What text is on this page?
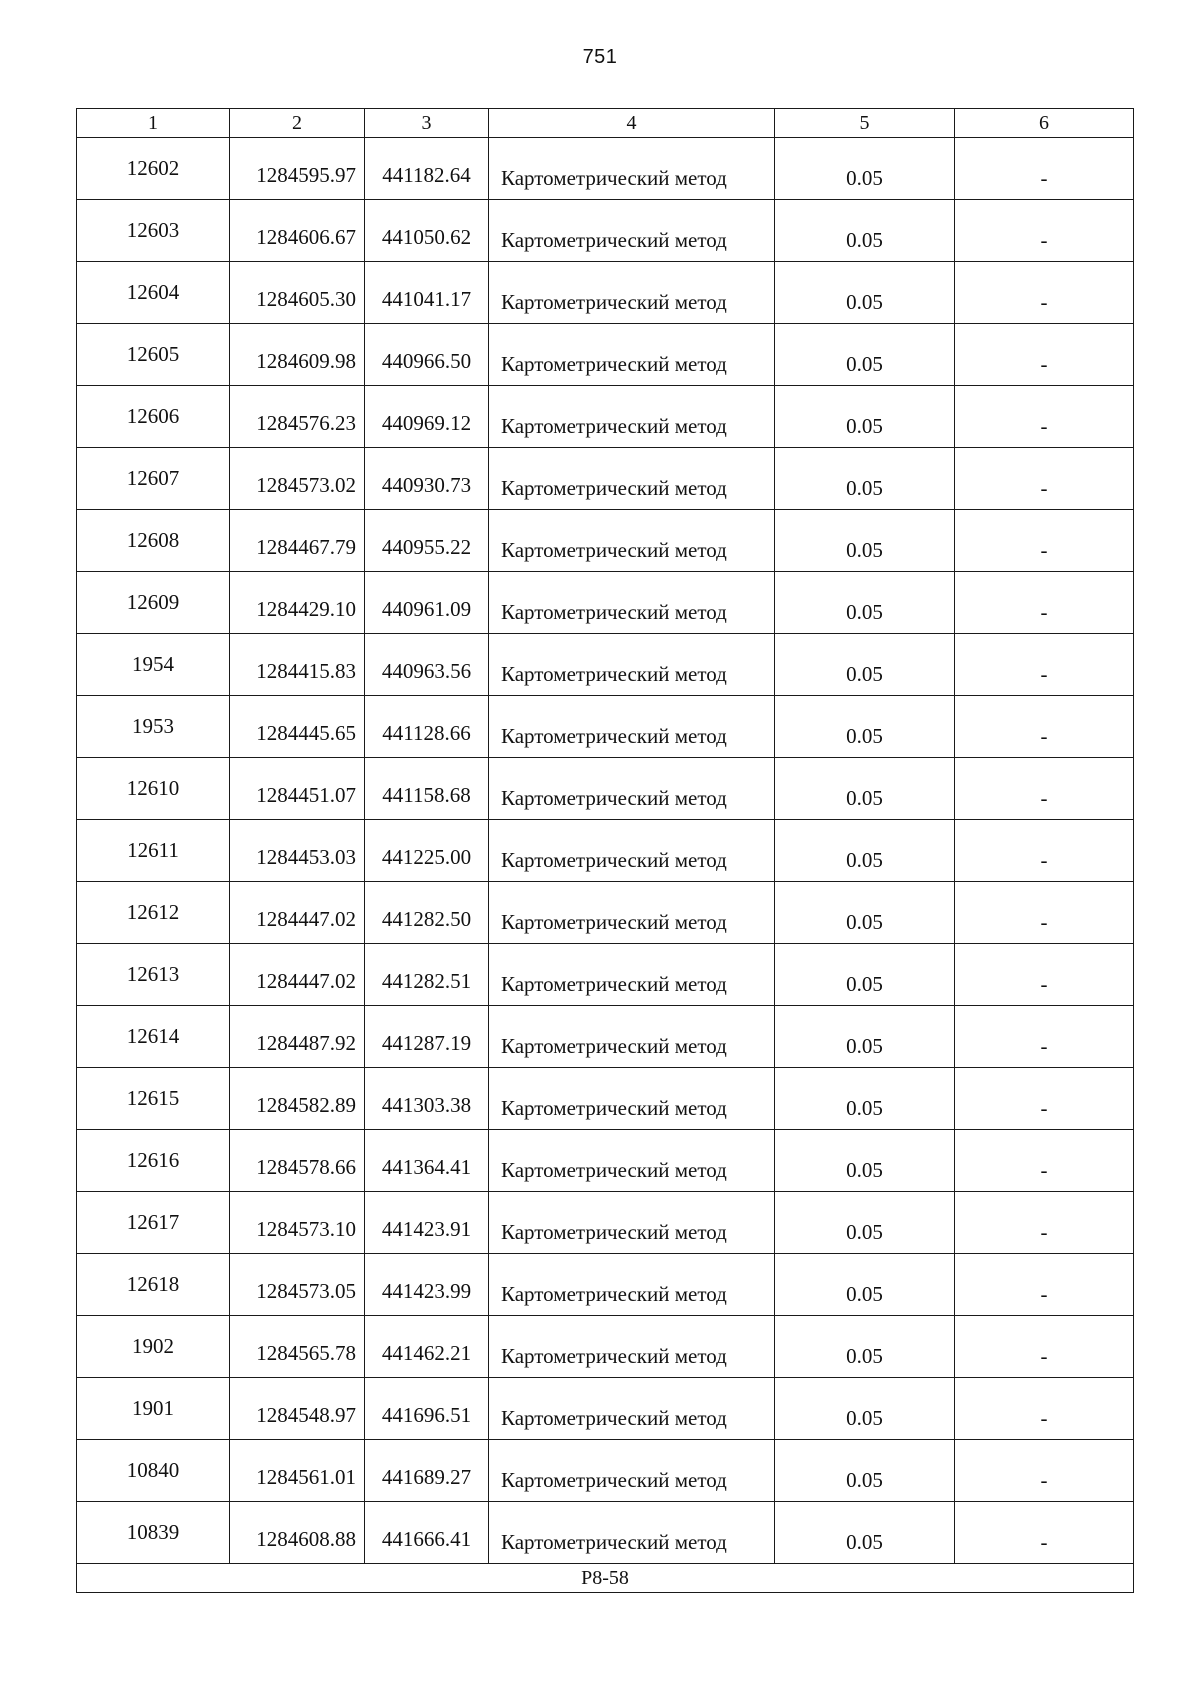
751
1	2	3	4	5	6
12602	1284595.97	441182.64	Картометрический метод	0.05	-
12603	1284606.67	441050.62	Картометрический метод	0.05	-
12604	1284605.30	441041.17	Картометрический метод	0.05	-
12605	1284609.98	440966.50	Картометрический метод	0.05	-
12606	1284576.23	440969.12	Картометрический метод	0.05	-
12607	1284573.02	440930.73	Картометрический метод	0.05	-
12608	1284467.79	440955.22	Картометрический метод	0.05	-
12609	1284429.10	440961.09	Картометрический метод	0.05	-
1954	1284415.83	440963.56	Картометрический метод	0.05	-
1953	1284445.65	441128.66	Картометрический метод	0.05	-
12610	1284451.07	441158.68	Картометрический метод	0.05	-
12611	1284453.03	441225.00	Картометрический метод	0.05	-
12612	1284447.02	441282.50	Картометрический метод	0.05	-
12613	1284447.02	441282.51	Картометрический метод	0.05	-
12614	1284487.92	441287.19	Картометрический метод	0.05	-
12615	1284582.89	441303.38	Картометрический метод	0.05	-
12616	1284578.66	441364.41	Картометрический метод	0.05	-
12617	1284573.10	441423.91	Картометрический метод	0.05	-
12618	1284573.05	441423.99	Картометрический метод	0.05	-
1902	1284565.78	441462.21	Картометрический метод	0.05	-
1901	1284548.97	441696.51	Картометрический метод	0.05	-
10840	1284561.01	441689.27	Картометрический метод	0.05	-
10839	1284608.88	441666.41	Картометрический метод	0.05	-
Р8-58					
